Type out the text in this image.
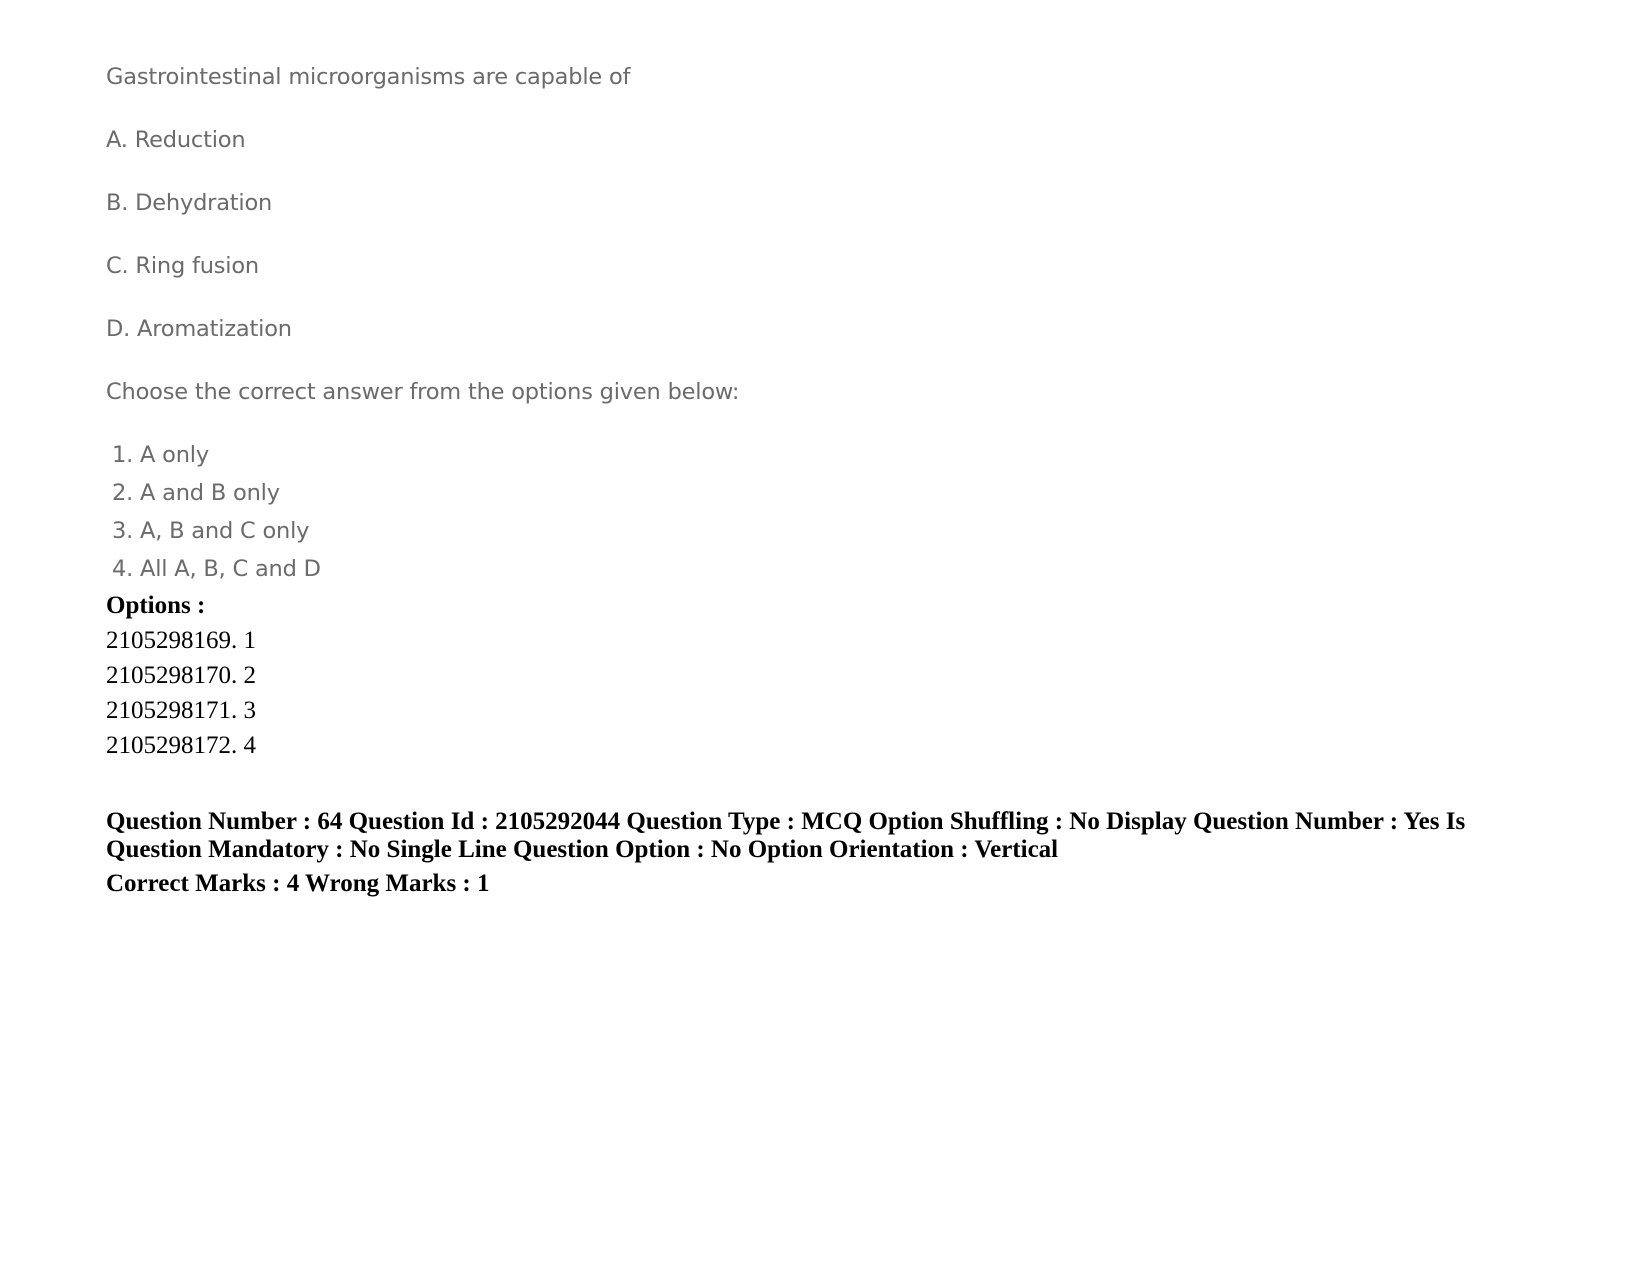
Gastrointestinal microorganisms are capable of
A. Reduction
B. Dehydration
C. Ring fusion
D. Aromatization
Choose the correct answer from the options given below:
1. A only
2. A and B only
3. A, B and C only
4. All A, B, C and D
Options :
2105298169. 1
2105298170. 2
2105298171. 3
2105298172. 4
Question Number : 64 Question Id : 2105292044 Question Type : MCQ Option Shuffling : No Display Question Number : Yes Is
Question Mandatory : No Single Line Question Option : No Option Orientation : Vertical
Correct Marks : 4 Wrong Marks : 1
